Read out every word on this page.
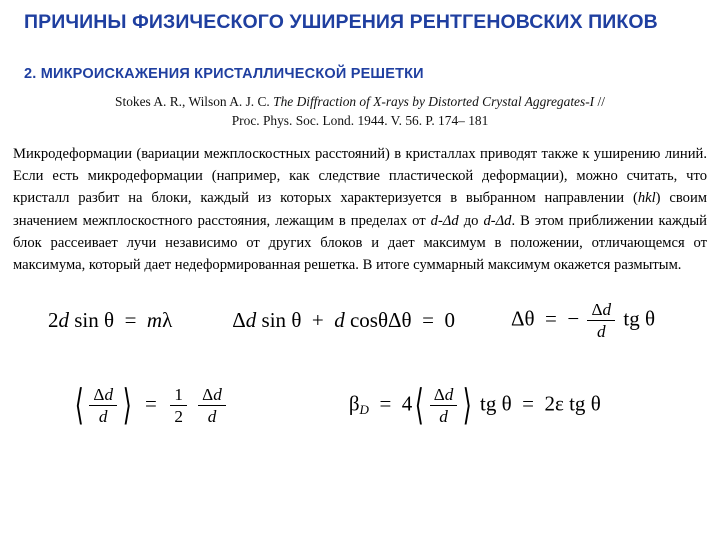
ПРИЧИНЫ ФИЗИЧЕСКОГО УШИРЕНИЯ РЕНТГЕНОВСКИХ ПИКОВ
2. МИКРОИСКАЖЕНИЯ КРИСТАЛЛИЧЕСКОЙ РЕШЕТКИ
Stokes A. R., Wilson A. J. C. The Diffraction of X-rays by Distorted Crystal Aggregates-I //
Proc. Phys. Soc. Lond. 1944. V. 56. P. 174– 181
Микродеформации (вариации межплоскостных расстояний) в кристаллах приводят также к уширению линий. Если есть микродеформации (например, как следствие пластической деформации), можно считать, что кристалл разбит на блоки, каждый из которых характеризуется в выбранном направлении (hkl) своим значением межплоскостного расстояния, лежащим в пределах от d-Δd до d-Δd. В этом приближении каждый блок рассеивает лучи независимо от других блоков и дает максимум в положении, отличающемся от максимума, который дает недеформированная решетка. В итоге суммарный максимум окажется размытым.
2d sin θ = mλ	Δd sin θ + d cosθΔθ = 0	Δθ = − $\frac{\Delta d}{d}$ tg θ
⟨ $\frac{\Delta d}{d}$ ⟩ = $\frac{1}{2}$
$\frac{\Delta d}{d}$	$\beta_D = 4$ ⟨ $\frac{\Delta d}{d}$ ⟩ tg θ = 2ε tg θ
